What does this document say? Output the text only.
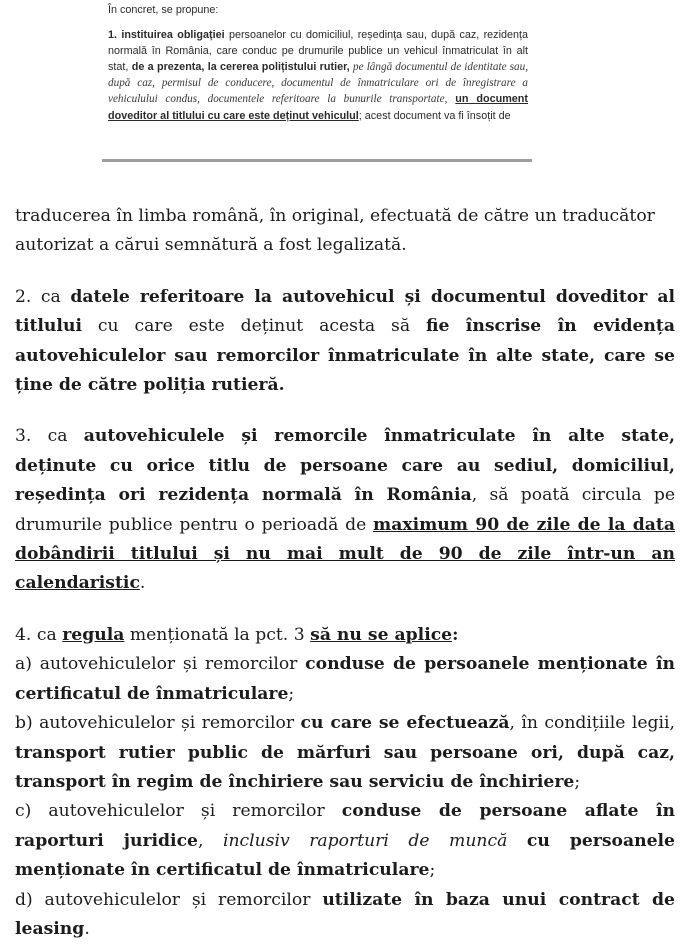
În concret, se propune:

1. instituirea obligației persoanelor cu domiciliul, reședința sau, după caz, rezidența normală în România, care conduc pe drumurile publice un vehicul înmatriculat în alt stat, de a prezenta, la cererea polițistului rutier, pe lângă documentul de identitate sau, după caz, permisul de conducere, documentul de înmatriculare ori de înregistrare a vehiculului condus, documentele referitoare la bunurile transportate, un document doveditor al titlului cu care este deținut vehiculul; acest document va fi însoțit de

traducerea în limba română, în original, efectuată de către un traducător autorizat a cărui semnătură a fost legalizată.

2. ca datele referitoare la autovehicul și documentul doveditor al titlului cu care este deținut acesta să fie înscrise în evidența autovehiculelor sau remorcilor înmatriculate în alte state, care se ține de către poliția rutieră.

3. ca autovehiculele și remorcile înmatriculate în alte state, deținute cu orice titlu de persoane care au sediul, domiciliul, reședința ori rezidența normală în România, să poată circula pe drumurile publice pentru o perioadă de maximum 90 de zile de la data dobândirii titlului și nu mai mult de 90 de zile într-un an calendaristic.

4. ca regula menționată la pct. 3 să nu se aplice:

a) autovehiculelor și remorcilor conduse de persoanele menționate în certificatul de înmatriculare;

b) autovehiculelor și remorcilor cu care se efectuează, în condițiile legii, transport rutier public de mărfuri sau persoane ori, după caz, transport în regim de închiriere sau serviciu de închiriere;

c) autovehiculelor și remorcilor conduse de persoane aflate în raporturi juridice, inclusiv raporturi de muncă cu persoanele menționate în certificatul de înmatriculare;

d) autovehiculelor și remorcilor utilizate în baza unui contract de leasing.
